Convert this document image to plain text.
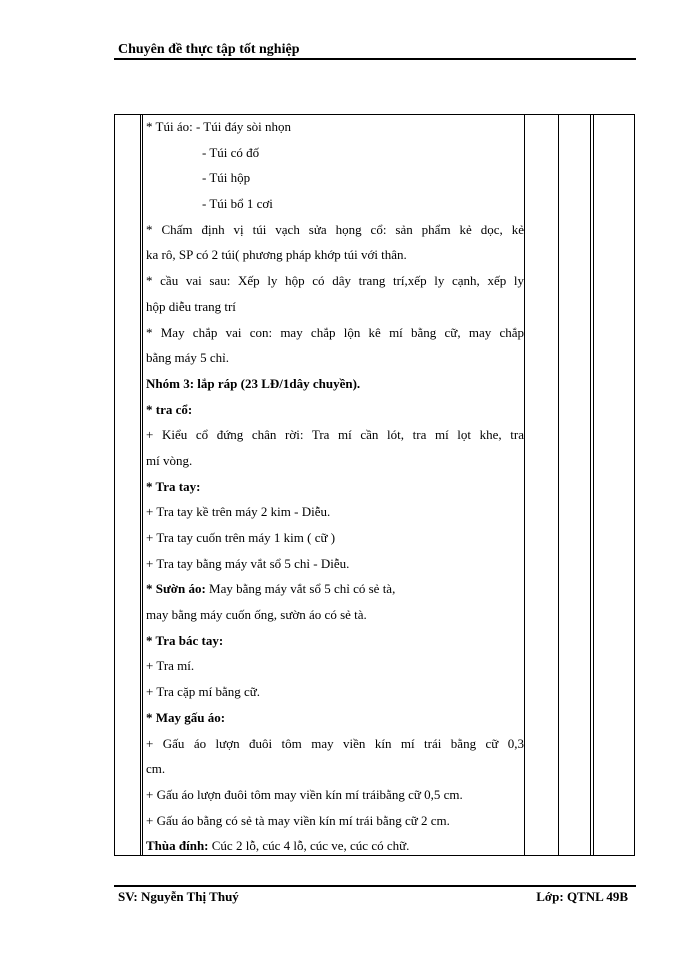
Chuyên đề thực tập tốt nghiệp
* Túi áo: - Túi đáy sòi nhọn
- Túi có đố
- Túi hộp
- Túi bổ 1 cơi
* Chấm định vị túi vạch sửa họng cổ: sản phẩm kẻ dọc, kẻ
ka rô, SP có 2 túi( phương pháp khớp túi với thân.
* cầu vai sau: Xếp ly hộp có dây trang trí,xếp ly cạnh, xếp ly
hộp diễu trang trí
* May chắp vai con: may chắp lộn kê mí bằng cữ, may chắp
bằng máy 5 chỉ.
Nhóm 3: lắp ráp (23 LĐ/1dây chuyền).
* tra cổ:
+ Kiểu cổ đứng chân rời: Tra mí cần lót, tra mí lọt khe, tra
mí vòng.
* Tra tay:
+ Tra tay kề trên máy 2 kim - Diễu.
+ Tra tay cuốn trên máy 1 kim ( cữ )
+ Tra tay bằng máy vắt sổ 5 chỉ - Diễu.
* Sườn áo: May bằng máy vắt sổ 5 chỉ có sẻ tà,
may bằng máy cuốn ống, sườn áo có sẻ tà.
* Tra bác tay:
+ Tra mí.
+ Tra cặp mí bằng cữ.
* May gấu áo:
+ Gấu áo lượn đuôi tôm may viền kín mí trái bằng cữ 0,3
cm.
+ Gấu áo lượn đuôi tôm may viền kín mí tráibằng cữ 0,5 cm.
+ Gấu áo bằng có sẻ tà may viền kín mí trái bằng cữ 2 cm.
Thùa đính: Cúc 2 lỗ, cúc 4 lỗ, cúc ve, cúc có chữ.
SV: Nguyễn Thị Thuý	Lớp: QTNL 49B
